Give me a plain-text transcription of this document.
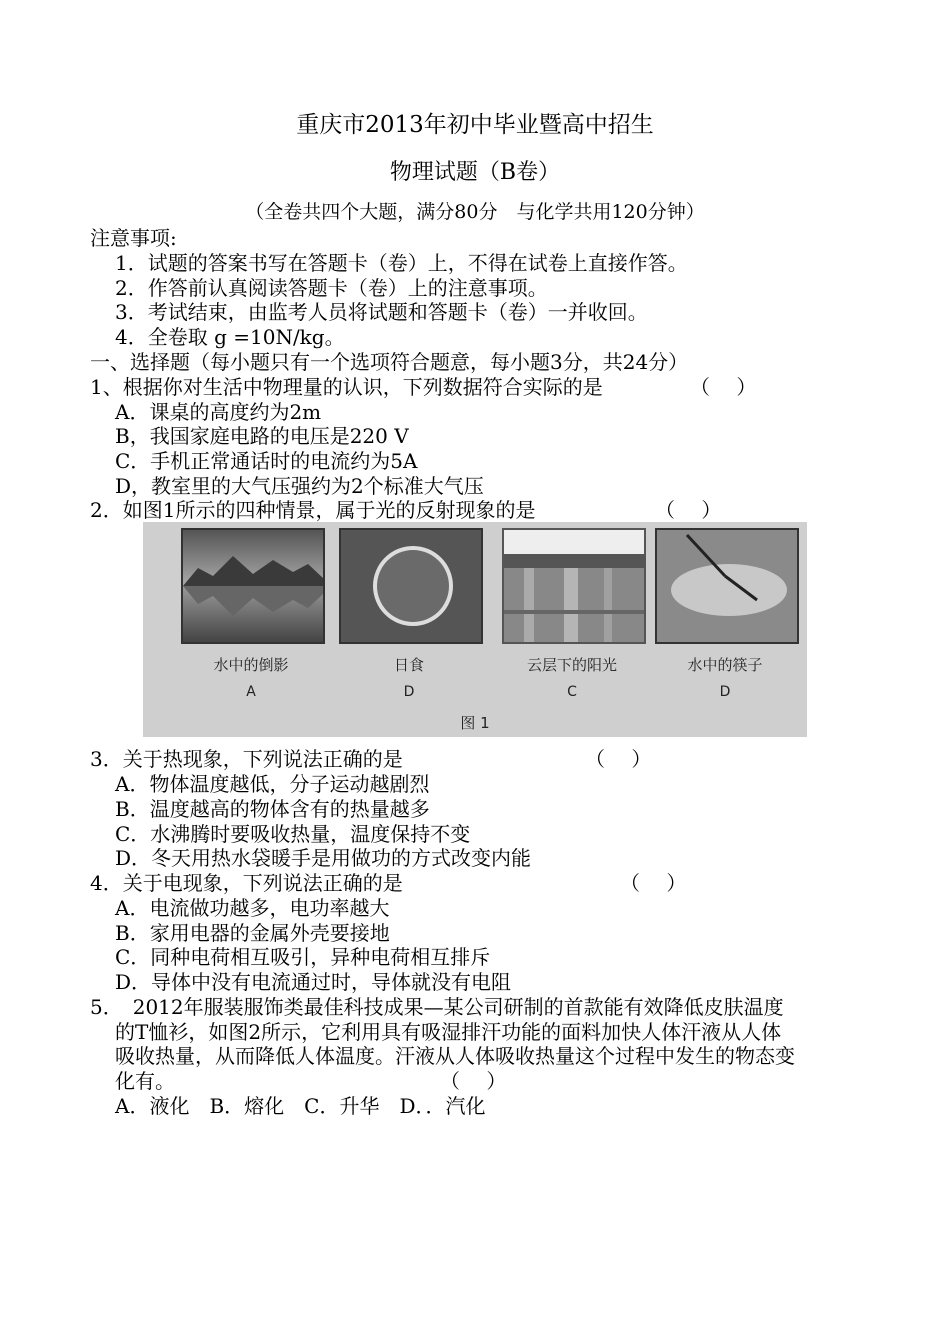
重庆市2013年初中毕业暨高中招生
物理试题（B卷）
（全卷共四个大题，满分80分　与化学共用120分钟）
注意事项:
1．试题的答案书写在答题卡（卷）上，不得在试卷上直接作答。
2．作答前认真阅读答题卡（卷）上的注意事项。
3．考试结束，由监考人员将试题和答题卡（卷）一并收回。
4．全卷取 g =10N/kg。
一、选择题（每小题只有一个选项符合题意，每小题3分，共24分）
1、根据你对生活中物理量的认识，下列数据符合实际的是	（　 ）
A．课桌的高度约为2m
B，我国家庭电路的电压是220 V
C．手机正常通话时的电流约为5A
D，教室里的大气压强约为2个标准大气压
2．如图1所示的四种情景，属于光的反射现象的是	（　 ）
水中的倒影	日食	云层下的阳光	水中的筷子
A	D	C	D
图 1
3．关于热现象，下列说法正确的是	（　 ）
A．物体温度越低，分子运动越剧烈
B．温度越高的物体含有的热量越多
C．水沸腾时要吸收热量，温度保持不变
D．冬天用热水袋暖手是用做功的方式改变内能
4．关于电现象，下列说法正确的是	（　 ）
A．电流做功越多，电功率越大
B．家用电器的金属外壳要接地
C．同种电荷相互吸引，异种电荷相互排斥
D．导体中没有电流通过时，导体就没有电阻
5．　2012年服装服饰类最佳科技成果—某公司研制的首款能有效降低皮肤温度
的T恤衫，如图2所示，它利用具有吸湿排汗功能的面料加快人体汗液从人体
吸收热量，从而降低人体温度。汗液从人体吸收热量这个过程中发生的物态变
化有。	（　 ）
A．液化　B．熔化　C．升华　D．．汽化
